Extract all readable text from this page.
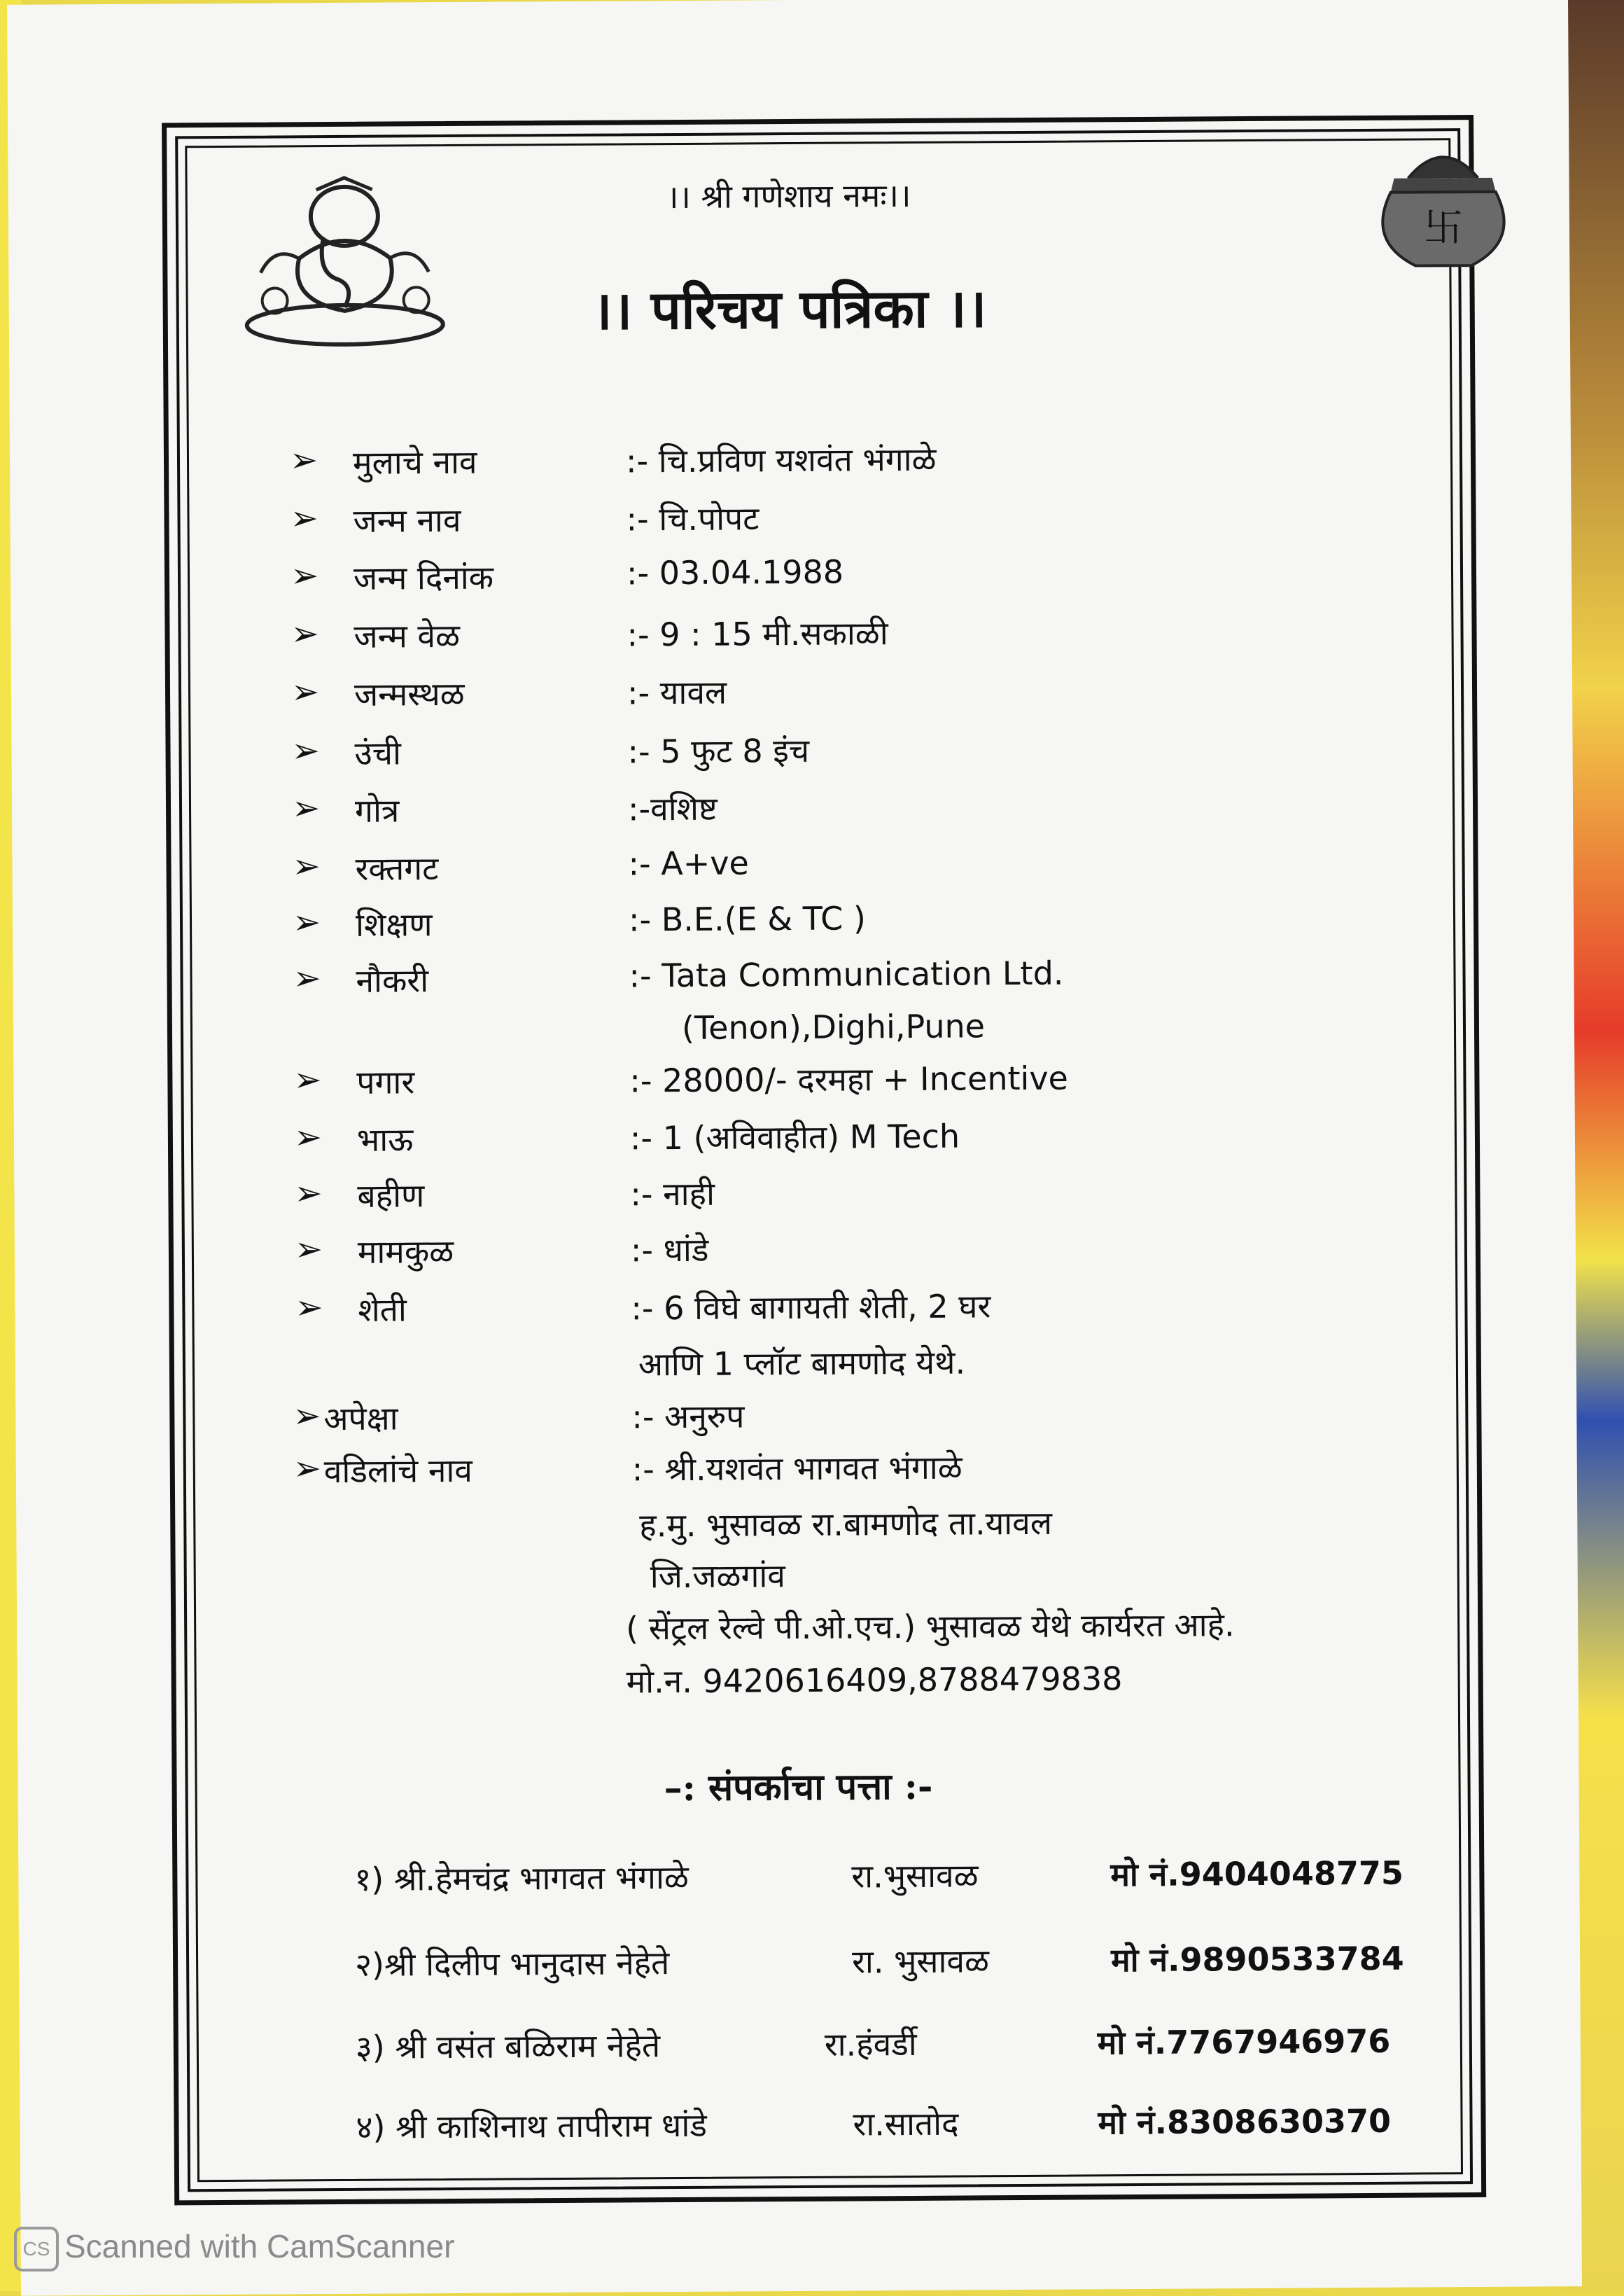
卐
।। श्री गणेशाय नमः।।
।। परिचय पत्रिका ।।
➢ मुलाचे नाव	:- चि.प्रविण यशवंत भंगाळे
➢ जन्म नाव	:- चि.पोपट
➢ जन्म दिनांक	:- 03.04.1988
➢ जन्म वेळ	:- 9 : 15 मी.सकाळी
➢ जन्मस्थळ	:- यावल
➢ उंची	:- 5 फुट 8 इंच
➢ गोत्र	:-वशिष्ट
➢ रक्तगट	:- A+ve
➢ शिक्षण	:- B.E.(E & TC )
➢ नौकरी	:- Tata Communication Ltd.
(Tenon),Dighi,Pune
➢ पगार	:- 28000/- दरमहा + Incentive
➢ भाऊ	:- 1 (अविवाहीत) M Tech
➢ बहीण	:- नाही
➢ मामकुळ	:- धांडे
➢ शेती	:- 6 विघे बागायती शेती, 2 घर
आणि 1 प्लॉट बामणोद येथे.
➢ अपेक्षा	:- अनुरुप
➢ वडिलांचे नाव	:- श्री.यशवंत भागवत भंगाळे
ह.मु. भुसावळ रा.बामणोद ता.यावल
जि.जळगांव
( सेंट्रल रेल्वे पी.ओ.एच.) भुसावळ येथे कार्यरत आहे.
मो.न. 9420616409,8788479838
–: संपर्काचा पत्ता :-
१) श्री.हेमचंद्र भागवत भंगाळे	रा.भुसावळ	मो नं.9404048775
२)श्री दिलीप भानुदास नेहेते	रा. भुसावळ	मो नं.9890533784
३) श्री वसंत बळिराम नेहेते	रा.हंवर्डी	मो नं.7767946976
४) श्री काशिनाथ तापीराम धांडे	रा.सातोद	मो नं.8308630370
CS Scanned with CamScanner
